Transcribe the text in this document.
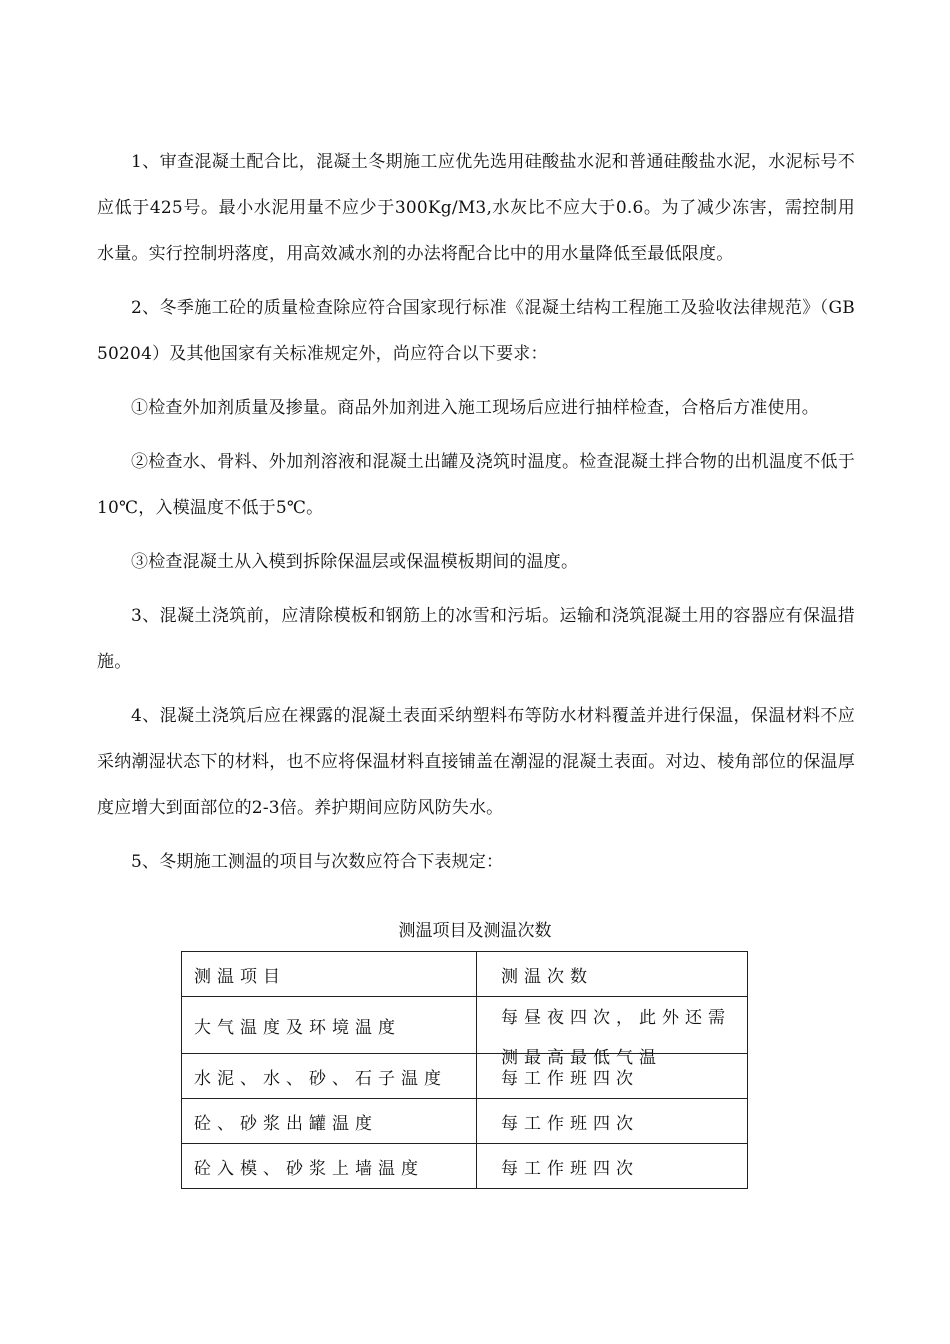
1、审查混凝土配合比，混凝土冬期施工应优先选用硅酸盐水泥和普通硅酸盐水泥，水泥标号不应低于425号。最小水泥用量不应少于300Kg/M3,水灰比不应大于0.6。为了减少冻害，需控制用水量。实行控制坍落度，用高效减水剂的办法将配合比中的用水量降低至最低限度。

2、冬季施工砼的质量检查除应符合国家现行标准《混凝土结构工程施工及验收法律规范》（GB50204）及其他国家有关标准规定外，尚应符合以下要求：

①检查外加剂质量及掺量。商品外加剂进入施工现场后应进行抽样检查，合格后方准使用。

②检查水、骨料、外加剂溶液和混凝土出罐及浇筑时温度。检查混凝土拌合物的出机温度不低于10℃，入模温度不低于5℃。

③检查混凝土从入模到拆除保温层或保温模板期间的温度。

3、混凝土浇筑前，应清除模板和钢筋上的冰雪和污垢。运输和浇筑混凝土用的容器应有保温措施。

4、混凝土浇筑后应在裸露的混凝土表面采纳塑料布等防水材料覆盖并进行保温，保温材料不应采纳潮湿状态下的材料，也不应将保温材料直接铺盖在潮湿的混凝土表面。对边、棱角部位的保温厚度应增大到面部位的2-3倍。养护期间应防风防失水。

5、冬期施工测温的项目与次数应符合下表规定：

测温项目及测温次数
测温项目	测温次数
大气温度及环境温度	每昼夜四次，此外还需测最高最低气温

水泥、水、砂、石子温度	每工作班四次
砼、砂浆出罐温度	每工作班四次
砼入模、砂浆上墙温度	每工作班四次
